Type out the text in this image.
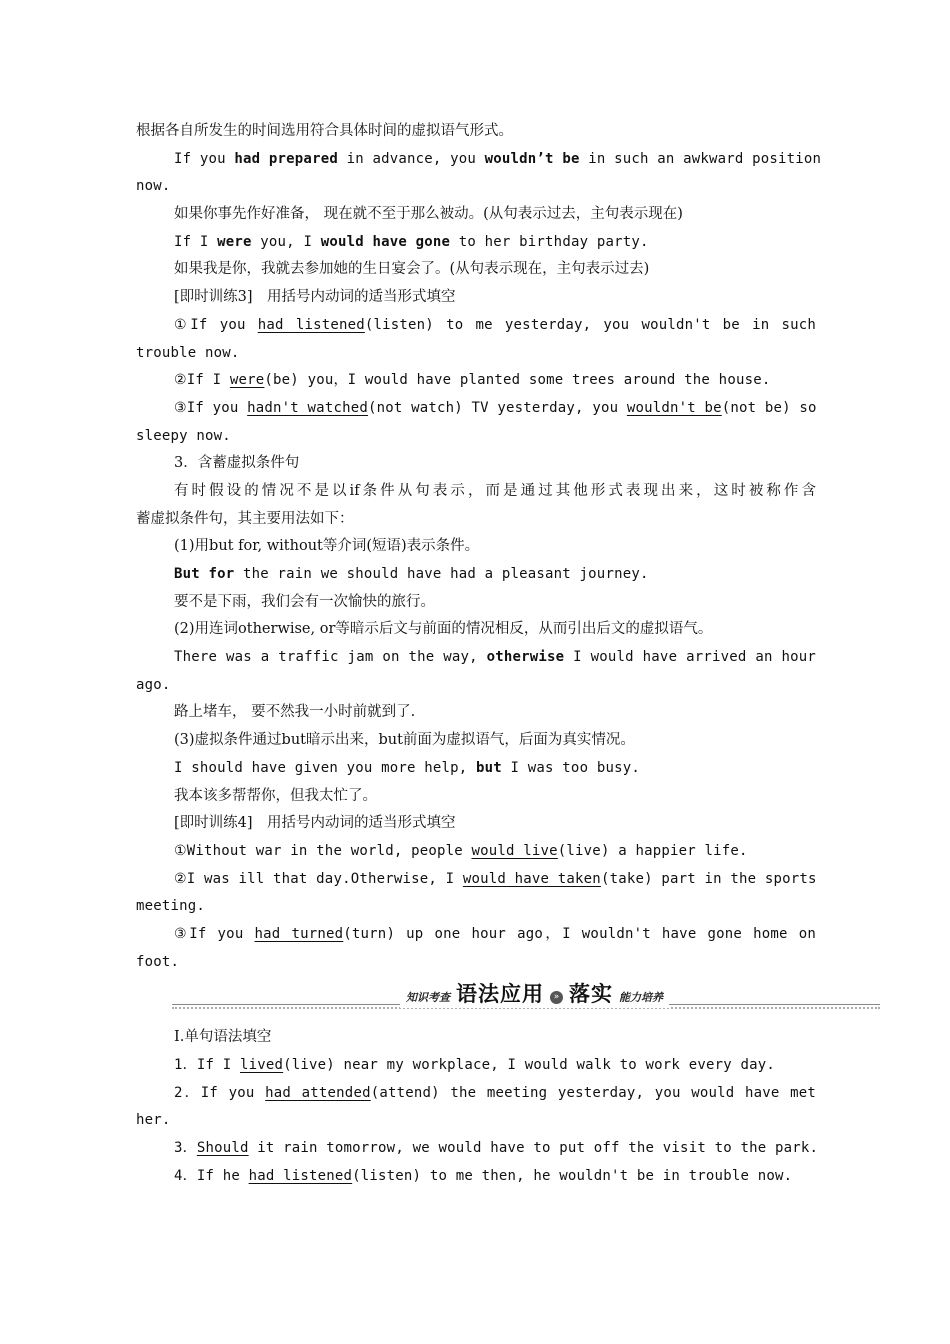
根据各自所发生的时间选用符合具体时间的虚拟语气形式。
If you had prepared in advance, you wouldn’t be in such an awkward position
now.
如果你事先作好准备， 现在就不至于那么被动。(从句表示过去，主句表示现在)
If I were you, I would have gone to her birthday party.
如果我是你，我就去参加她的生日宴会了。(从句表示现在，主句表示过去)
[即时训练3]　用括号内动词的适当形式填空
①If you had listened(listen) to me yesterday, you wouldn't be in such
trouble now.
②If I were(be) you，I would have planted some trees around the house.
③If you hadn't watched(not watch) TV yesterday, you wouldn't be(not be) so
sleepy now.
3．含蓄虚拟条件句
有时假设的情况不是以if条件从句表示，而是通过其他形式表现出来，这时被称作含
蓄虚拟条件句，其主要用法如下：
(1)用but for, without等介词(短语)表示条件。
But for the rain we should have had a pleasant journey.
要不是下雨，我们会有一次愉快的旅行。
(2)用连词otherwise, or等暗示后文与前面的情况相反，从而引出后文的虚拟语气。
There was a traffic jam on the way, otherwise I would have arrived an hour
ago.
路上堵车， 要不然我一小时前就到了.
(3)虚拟条件通过but暗示出来，but前面为虚拟语气，后面为真实情况。
I should have given you more help, but I was too busy.
我本该多帮帮你，但我太忙了。
[即时训练4]　用括号内动词的适当形式填空
①Without war in the world, people would live(live) a happier life.
②I was ill that day.Otherwise, I would have taken(take) part in the sports
meeting.
③If you had turned(turn) up one hour ago，I wouldn't have gone home on
foot.
知识考查 语法应用	» 落实 能力培养
Ⅰ.单句语法填空
1．If I lived(live) near my workplace, I would walk to work every day.
2．If you had attended(attend) the meeting yesterday, you would have met
her.
3．Should it rain tomorrow, we would have to put off the visit to the park.
4．If he had listened(listen) to me then, he wouldn't be in trouble now.
